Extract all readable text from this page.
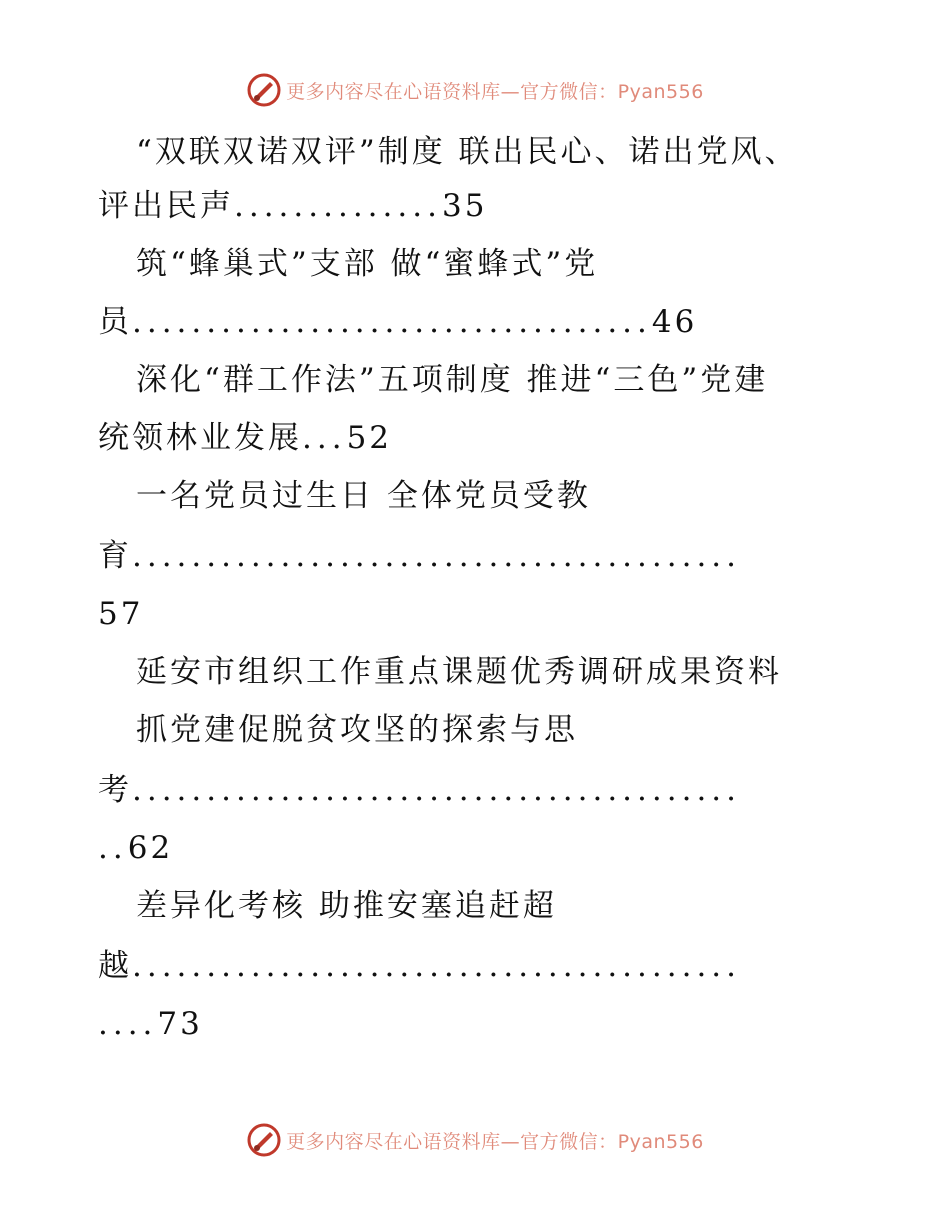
更多内容尽在心语资料库—官方微信：Pyan556
“双联双诺双评”制度 联出民心、诺出党风、
评出民声..............35
筑“蜂巢式”支部 做“蜜蜂式”党
员...................................46
深化“群工作法”五项制度 推进“三色”党建
统领林业发展...52
一名党员过生日 全体党员受教
育.........................................
57
延安市组织工作重点课题优秀调研成果资料
抓党建促脱贫攻坚的探索与思
考.........................................
..62
差异化考核 助推安塞追赶超
越.........................................
....73
更多内容尽在心语资料库—官方微信：Pyan556
